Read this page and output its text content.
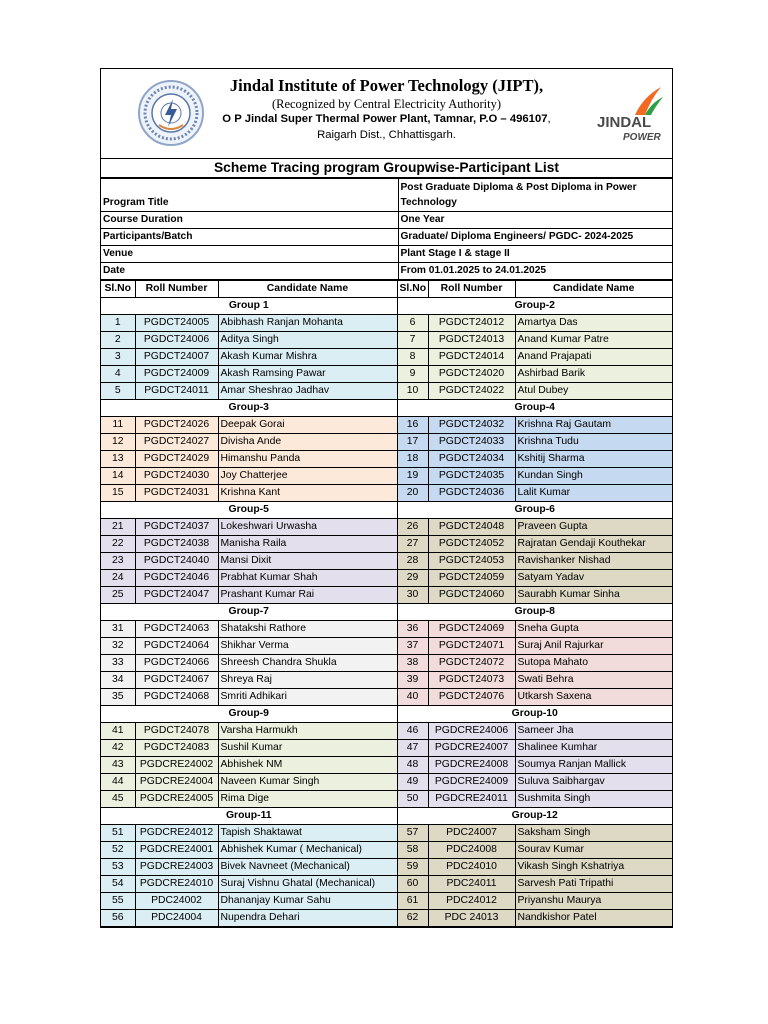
Jindal Institute of Power Technology (JIPT),
(Recognized by Central Electricity Authority)
O P Jindal Super Thermal Power Plant, Tamnar, P.O – 496107,
Raigarh Dist., Chhattisgarh.
JINDAL
POWER
Scheme Tracing program Groupwise-Participant List
Program Title	Post Graduate Diploma & Post Diploma in Power Technology
Course Duration	One Year
Participants/Batch	Graduate/ Diploma Engineers/ PGDC- 2024-2025
Venue	Plant Stage I & stage II
Date	From 01.01.2025 to 24.01.2025
Sl.No	Roll Number	Candidate Name	Sl.No	Roll Number	Candidate Name
Group 1			Group-2		
1	PGDCT24005	Abibhash Ranjan Mohanta	6	PGDCT24012	Amartya Das
2	PGDCT24006	Aditya Singh	7	PGDCT24013	Anand Kumar Patre
3	PGDCT24007	Akash Kumar Mishra	8	PGDCT24014	Anand Prajapati
4	PGDCT24009	Akash Ramsing Pawar	9	PGDCT24020	Ashirbad Barik
5	PGDCT24011	Amar Sheshrao Jadhav	10	PGDCT24022	Atul Dubey
Group-3			Group-4		
11	PGDCT24026	Deepak Gorai	16	PGDCT24032	Krishna Raj Gautam
12	PGDCT24027	Divisha Ande	17	PGDCT24033	Krishna Tudu
13	PGDCT24029	Himanshu Panda	18	PGDCT24034	Kshitij Sharma
14	PGDCT24030	Joy Chatterjee	19	PGDCT24035	Kundan Singh
15	PGDCT24031	Krishna Kant	20	PGDCT24036	Lalit Kumar
Group-5			Group-6		
21	PGDCT24037	Lokeshwari Urwasha	26	PGDCT24048	Praveen Gupta
22	PGDCT24038	Manisha Raila	27	PGDCT24052	Rajratan Gendaji Kouthekar
23	PGDCT24040	Mansi Dixit	28	PGDCT24053	Ravishanker Nishad
24	PGDCT24046	Prabhat Kumar Shah	29	PGDCT24059	Satyam Yadav
25	PGDCT24047	Prashant Kumar Rai	30	PGDCT24060	Saurabh Kumar Sinha
Group-7			Group-8		
31	PGDCT24063	Shatakshi Rathore	36	PGDCT24069	Sneha Gupta
32	PGDCT24064	Shikhar Verma	37	PGDCT24071	Suraj Anil Rajurkar
33	PGDCT24066	Shreesh Chandra Shukla	38	PGDCT24072	Sutopa Mahato
34	PGDCT24067	Shreya Raj	39	PGDCT24073	Swati Behra
35	PGDCT24068	Smriti Adhikari	40	PGDCT24076	Utkarsh Saxena
Group-9			Group-10		
41	PGDCT24078	Varsha Harmukh	46	PGDCRE24006	Sameer Jha
42	PGDCT24083	Sushil Kumar	47	PGDCRE24007	Shalinee Kumhar
43	PGDCRE24002	Abhishek NM	48	PGDCRE24008	Soumya Ranjan Mallick
44	PGDCRE24004	Naveen Kumar Singh	49	PGDCRE24009	Suluva Saibhargav
45	PGDCRE24005	Rima Dige	50	PGDCRE24011	Sushmita Singh
Group-11			Group-12		
51	PGDCRE24012	Tapish Shaktawat	57	PDC24007	Saksham Singh
52	PGDCRE24001	Abhishek Kumar ( Mechanical)	58	PDC24008	Sourav Kumar
53	PGDCRE24003	Bivek Navneet (Mechanical)	59	PDC24010	Vikash Singh Kshatriya
54	PGDCRE24010	Suraj Vishnu Ghatal (Mechanical)	60	PDC24011	Sarvesh Pati Tripathi
55	PDC24002	Dhananjay Kumar Sahu	61	PDC24012	Priyanshu Maurya
56	PDC24004	Nupendra Dehari	62	PDC 24013	Nandkishor Patel
